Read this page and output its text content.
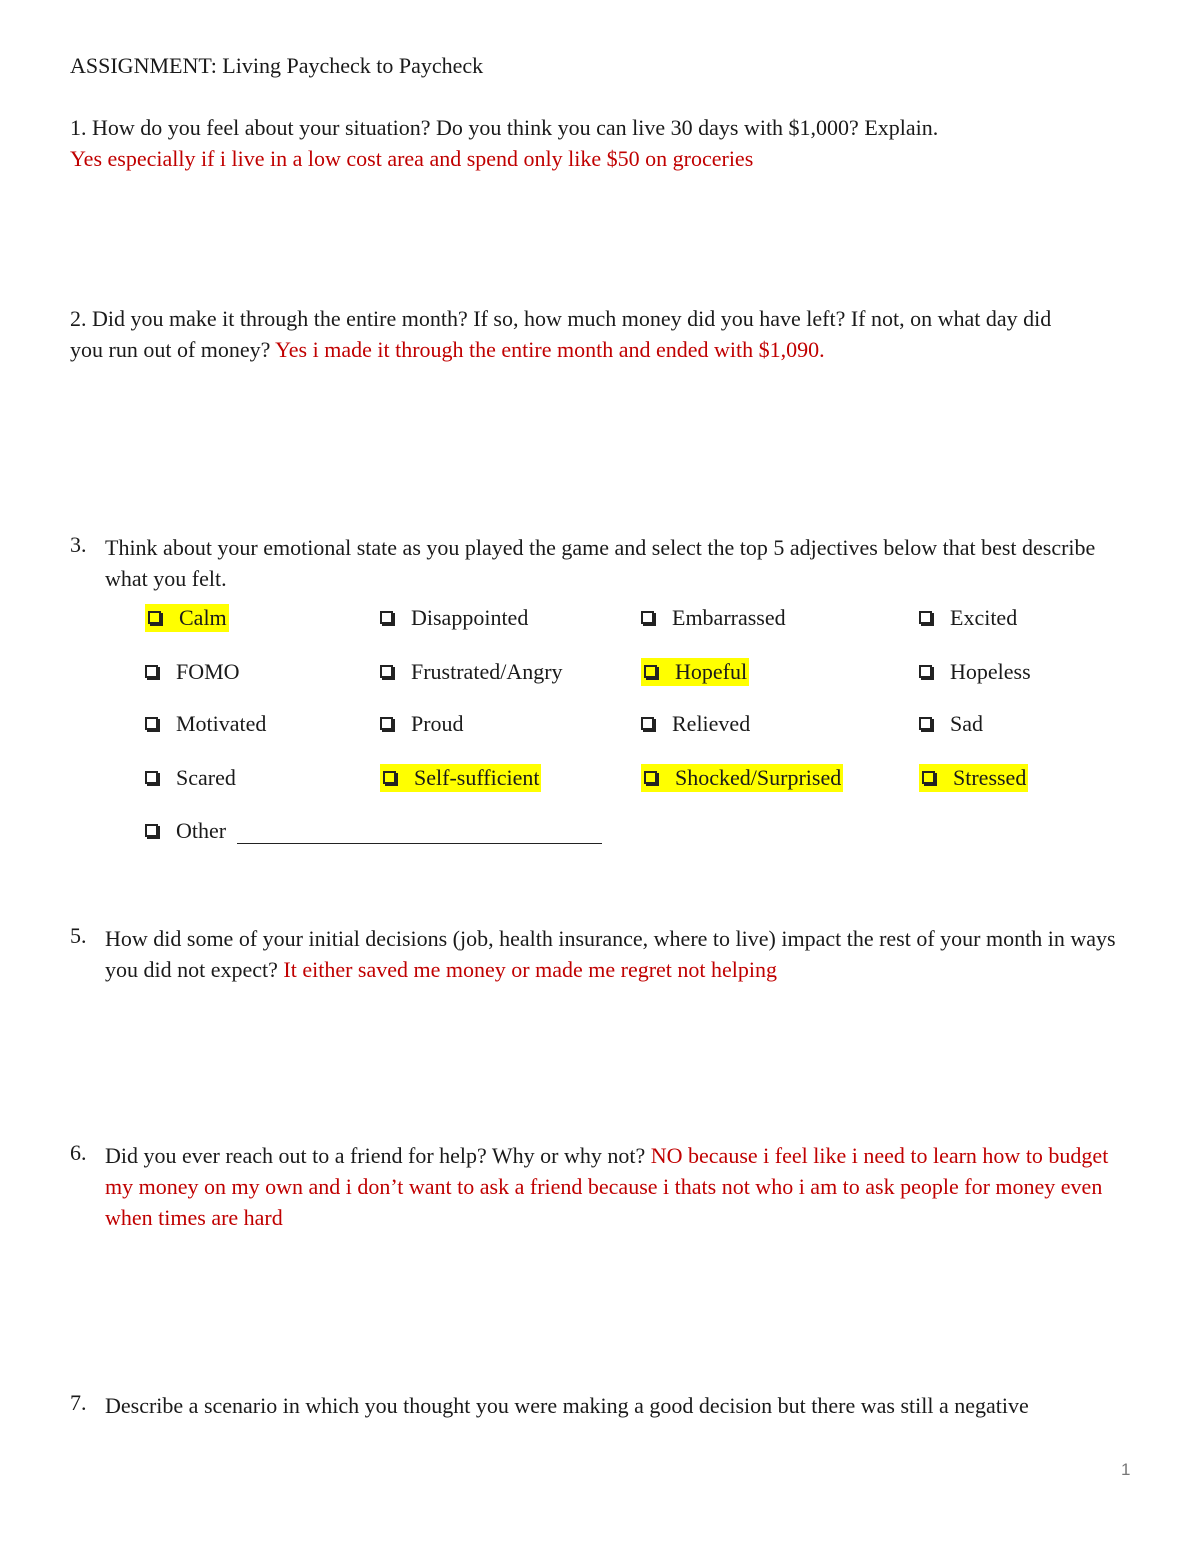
ASSIGNMENT: Living Paycheck to Paycheck
1. How do you feel about your situation? Do you think you can live 30 days with $1,000? Explain.
Yes especially if i live in a low cost area and spend only like $50 on groceries
2. Did you make it through the entire month? If so, how much money did you have left? If not, on what day did
you run out of money? Yes i made it through the entire month and ended with $1,090.
3. Think about your emotional state as you played the game and select the top 5 adjectives below that best describe what you felt.
Calm	Disappointed	Embarrassed	Excited
FOMO	Frustrated/Angry	Hopeful	Hopeless
Motivated	Proud	Relieved	Sad
Scared	Self-sufficient	Shocked/Surprised	Stressed
Other
5. How did some of your initial decisions (job, health insurance, where to live) impact the rest of your month in ways you did not expect? It either saved me money or made me regret not helping
6. Did you ever reach out to a friend for help? Why or why not? NO because i feel like i need to learn how to budget my money on my own and i don’t want to ask a friend because i thats not who i am to ask people for money even when times are hard
7. Describe a scenario in which you thought you were making a good decision but there was still a negative
1
